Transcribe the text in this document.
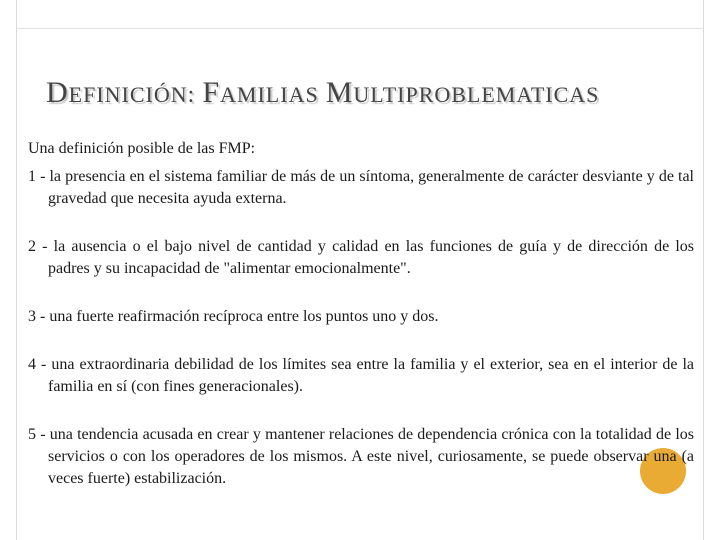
DEFINICIÓN: FAMILIAS MULTIPROBLEMATICAS

Una definición posible de las FMP:

1 - la presencia en el sistema familiar de más de un síntoma, generalmente de carácter desviante y de tal gravedad que necesita ayuda externa.

2 - la ausencia o el bajo nivel de cantidad y calidad en las funciones de guía y de dirección de los padres y su incapacidad de "alimentar emocionalmente".

3 - una fuerte reafirmación recíproca entre los puntos uno y dos.

4 - una extraordinaria debilidad de los límites sea entre la familia y el exterior, sea en el interior de la familia en sí (con fines generacionales).

5 - una tendencia acusada en crear y mantener relaciones de dependencia crónica con la totalidad de los servicios o con los operadores de los mismos. A este nivel, curiosamente, se puede observar una (a veces fuerte) estabilización.
